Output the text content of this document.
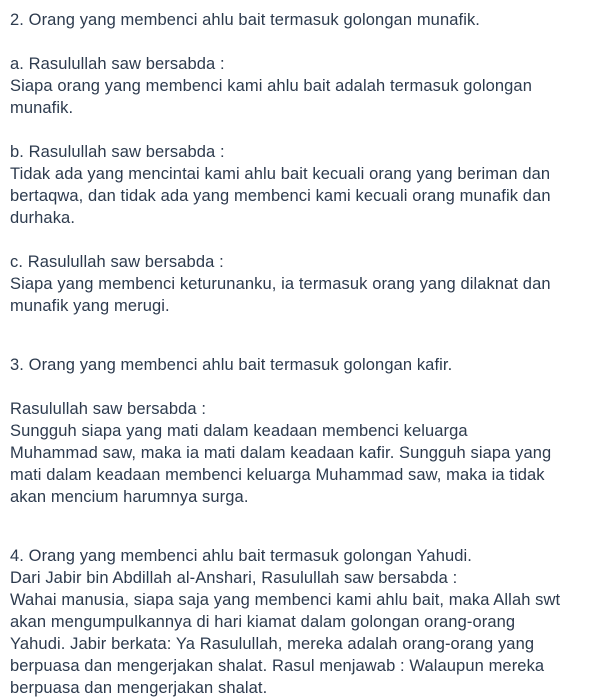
2. Orang yang membenci ahlu bait termasuk golongan munafik.
a. Rasulullah saw bersabda :
Siapa orang yang membenci kami ahlu bait adalah termasuk golongan
munafik.
b. Rasulullah saw bersabda :
Tidak ada yang mencintai kami ahlu bait kecuali orang yang beriman dan
bertaqwa, dan tidak ada yang membenci kami kecuali orang munafik dan
durhaka.
c. Rasulullah saw bersabda :
Siapa yang membenci keturunanku, ia termasuk orang yang dilaknat dan
munafik yang merugi.
3. Orang yang membenci ahlu bait termasuk golongan kafir.
Rasulullah saw bersabda :
Sungguh siapa yang mati dalam keadaan membenci keluarga
Muhammad saw, maka ia mati dalam keadaan kafir. Sungguh siapa yang
mati dalam keadaan membenci keluarga Muhammad saw, maka ia tidak
akan mencium harumnya surga.
4. Orang yang membenci ahlu bait termasuk golongan Yahudi.
Dari Jabir bin Abdillah al-Anshari, Rasulullah saw bersabda :
Wahai manusia, siapa saja yang membenci kami ahlu bait, maka Allah swt
akan mengumpulkannya di hari kiamat dalam golongan orang-orang
Yahudi. Jabir berkata: Ya Rasulullah, mereka adalah orang-orang yang
berpuasa dan mengerjakan shalat. Rasul menjawab : Walaupun mereka
berpuasa dan mengerjakan shalat.
